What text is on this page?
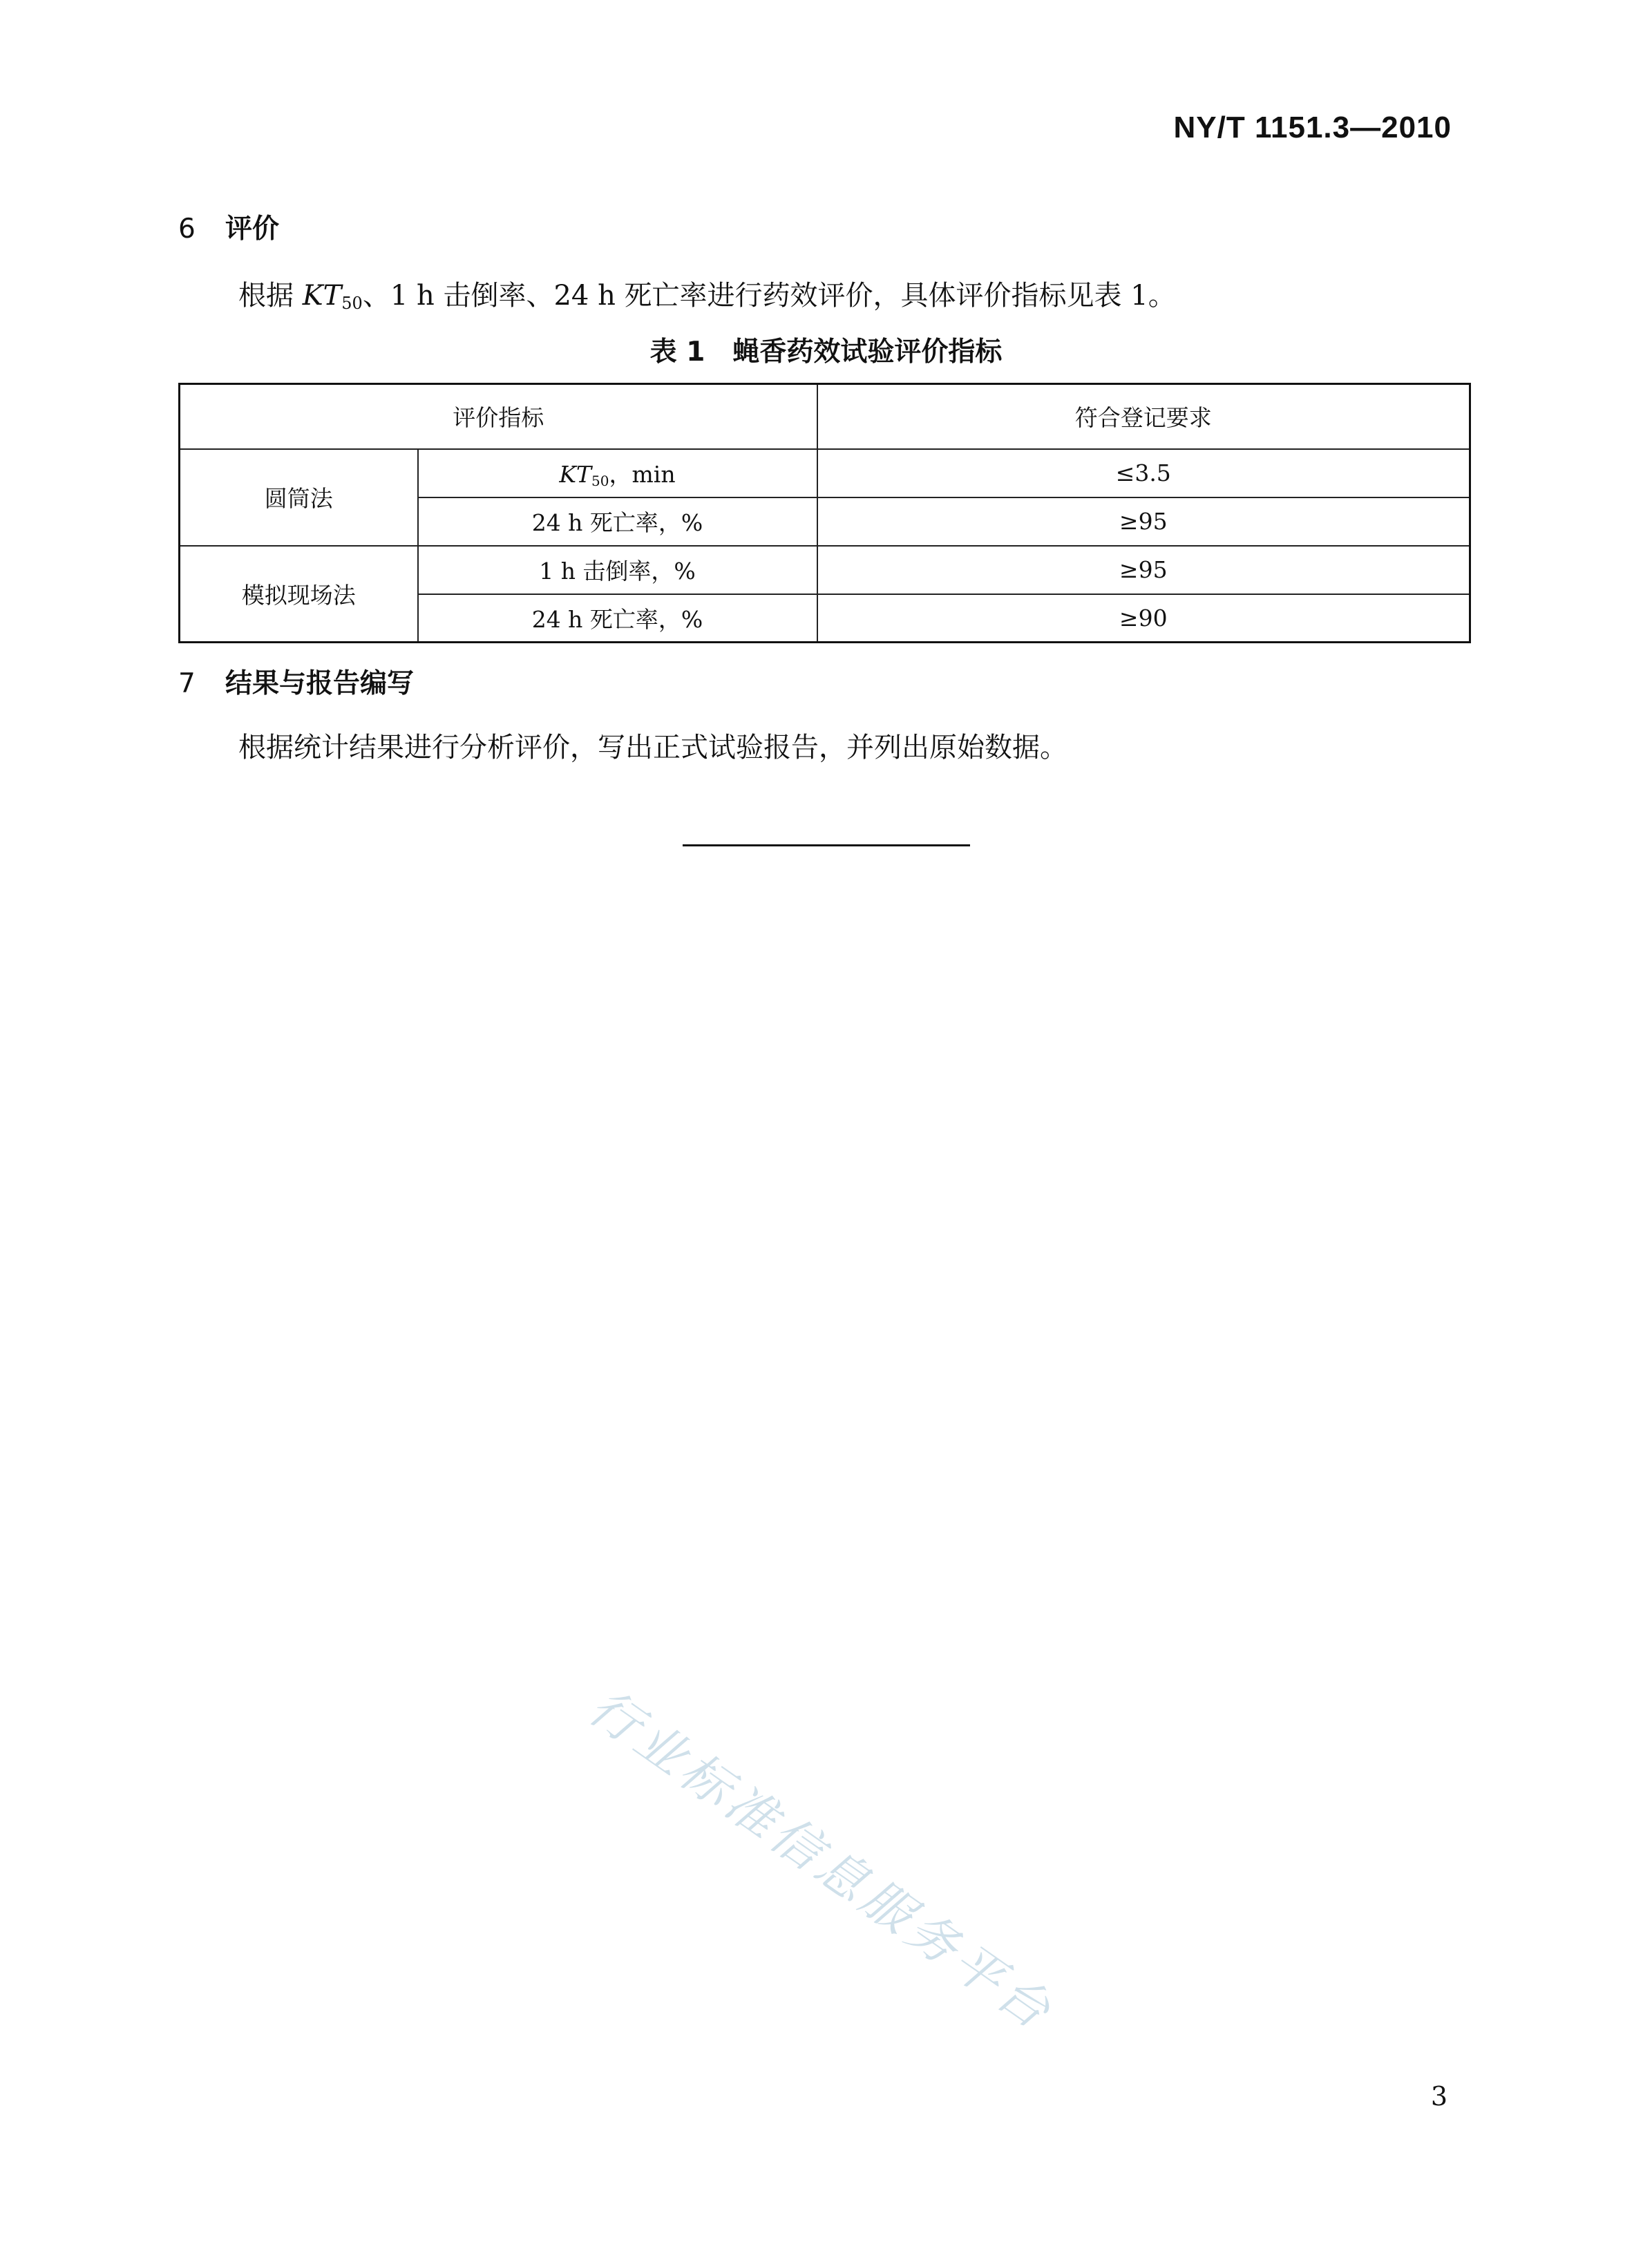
NY/T 1151.3—2010
6 评价
根据 $KT_{50}$、1 h 击倒率、24 h 死亡率进行药效评价，具体评价指标见表 1。
表 1 蝇香药效试验评价指标
评价指标		符合登记要求
圆筒法	$KT_{50}$，min	≤3.5
	24 h 死亡率，%	≥95
模拟现场法	1 h 击倒率，%	≥95
	24 h 死亡率，%	≥90
7 结果与报告编写
根据统计结果进行分析评价，写出正式试验报告，并列出原始数据。
行业标准信息服务平台
3
